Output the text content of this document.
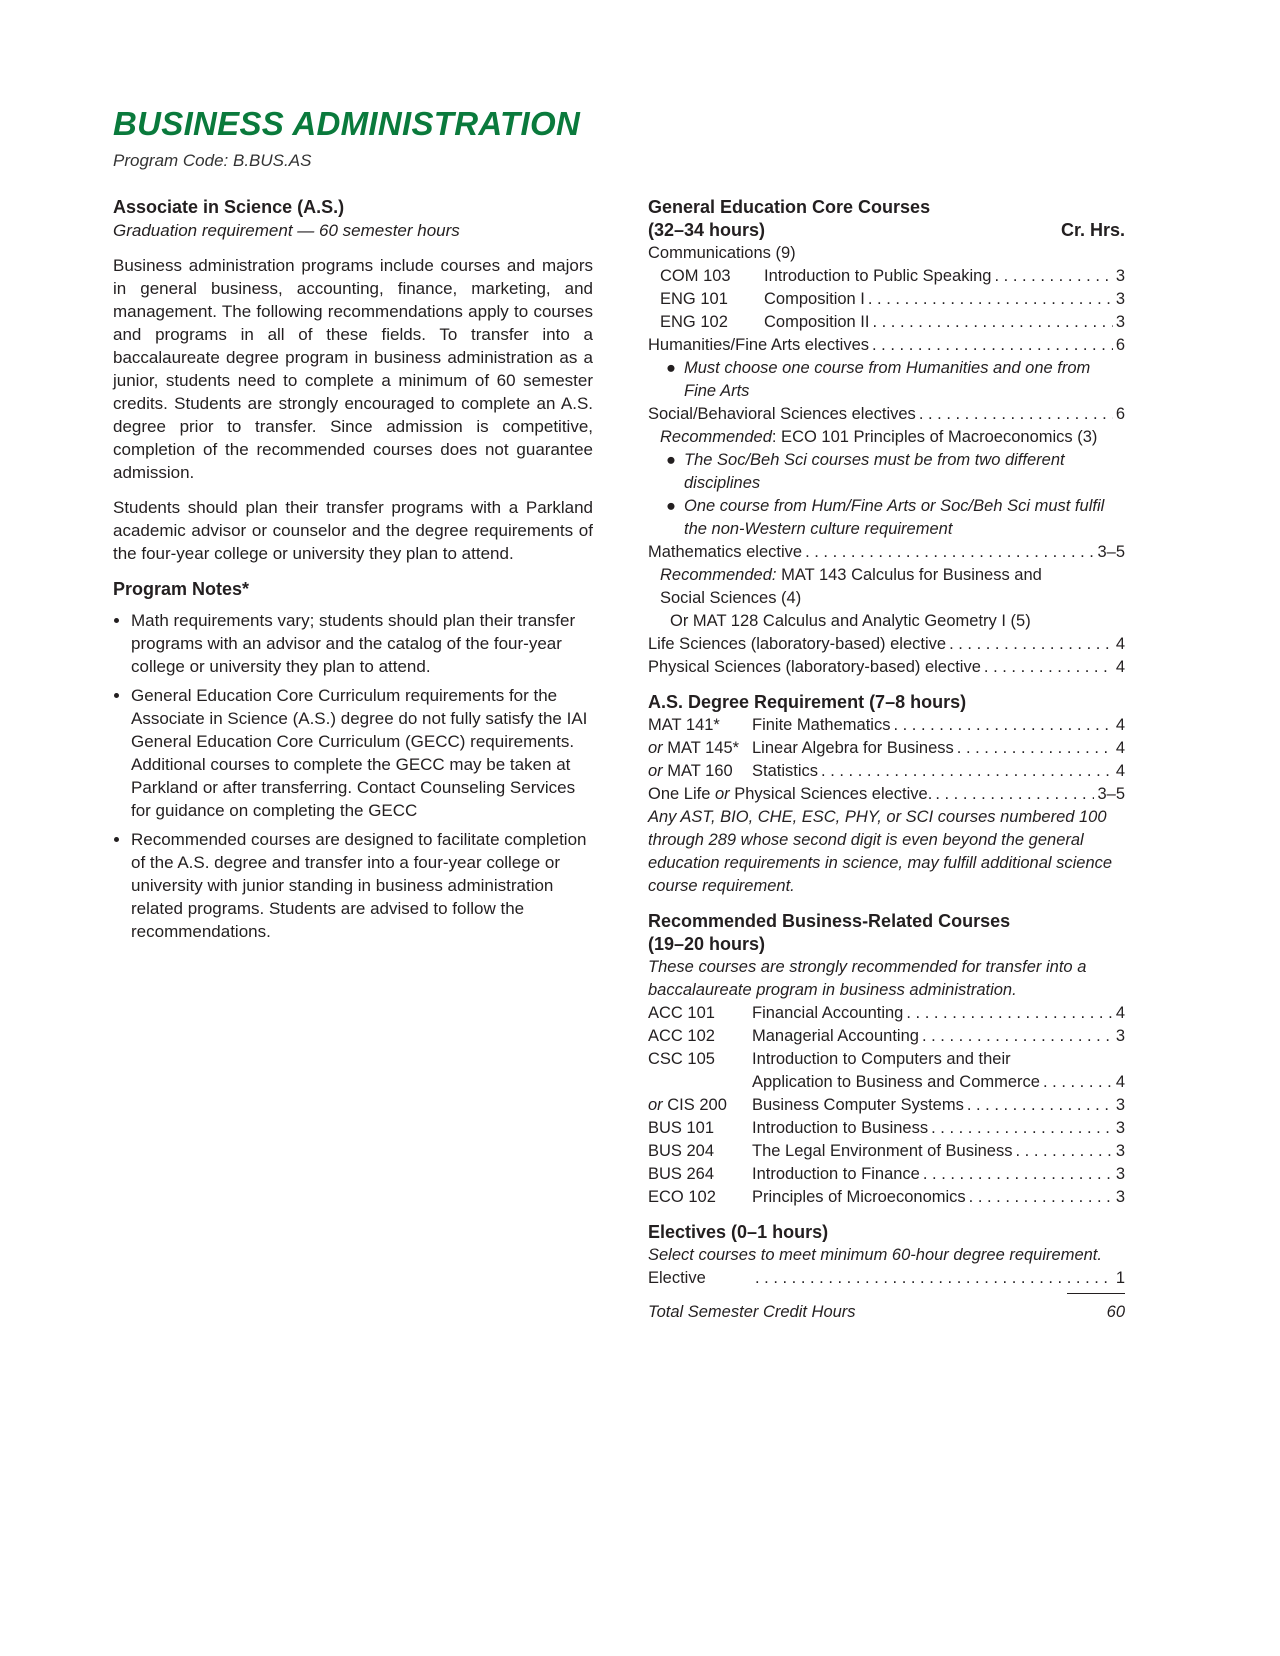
BUSINESS ADMINISTRATION

Program Code: B.BUS.AS

Associate in Science (A.S.)
Graduation requirement — 60 semester hours

Business administration programs include courses and majors in general business, accounting, finance, marketing, and management. The following recommendations apply to courses and programs in all of these fields. To transfer into a baccalaureate degree program in business administration as a junior, students need to complete a minimum of 60 semester credits. Students are strongly encouraged to complete an A.S. degree prior to transfer. Since admission is competitive, completion of the recommended courses does not guarantee admission.

Students should plan their transfer programs with a Parkland academic advisor or counselor and the degree requirements of the four-year college or university they plan to attend.

Program Notes*
• Math requirements vary; students should plan their transfer programs with an advisor and the catalog of the four-year college or university they plan to attend.
• General Education Core Curriculum requirements for the Associate in Science (A.S.) degree do not fully satisfy the IAI General Education Core Curriculum (GECC) requirements. Additional courses to complete the GECC may be taken at Parkland or after transferring. Contact Counseling Services for guidance on completing the GECC
• Recommended courses are designed to facilitate completion of the A.S. degree and transfer into a four-year college or university with junior standing in business administration related programs. Students are advised to follow the recommendations.
General Education Core Courses
(32–34 hours)	Cr. Hrs.
Communications (9)
COM 103	Introduction to Public Speaking . . .	3
ENG 101	Composition I . . .	3
ENG 102	Composition II . . .	3
Humanities/Fine Arts electives . . .	6
● Must choose one course from Humanities and one from Fine Arts
Social/Behavioral Sciences electives . . .	6
Recommended: ECO 101 Principles of Macroeconomics (3)
● The Soc/Beh Sci courses must be from two different disciplines
● One course from Hum/Fine Arts or Soc/Beh Sci must fulfil the non-Western culture requirement
Mathematics elective . . .	3–5
Recommended: MAT 143 Calculus for Business and
Social Sciences (4)
Or MAT 128 Calculus and Analytic Geometry I (5)
Life Sciences (laboratory-based) elective . . .	4
Physical Sciences (laboratory-based) elective . . .	4
A.S. Degree Requirement (7–8 hours)
MAT 141*	Finite Mathematics . . .	4
or MAT 145* Linear Algebra for Business . . .	4
or MAT 160	Statistics . . .	4
One Life or Physical Sciences elective. . . .	3–5
Any AST, BIO, CHE, ESC, PHY, or SCI courses numbered 100 through 289 whose second digit is even beyond the general education requirements in science, may fulfill additional science course requirement.
Recommended Business-Related Courses
(19–20 hours)
These courses are strongly recommended for transfer into a baccalaureate program in business administration.
ACC 101	Financial Accounting . . .	4
ACC 102	Managerial Accounting . . .	3
CSC 105	Introduction to Computers and their
Application to Business and Commerce . . .	4
or CIS 200	Business Computer Systems . . .	3
BUS 101	Introduction to Business . . .	3
BUS 204	The Legal Environment of Business . . .	3
BUS 264	Introduction to Finance . . .	3
ECO 102	Principles of Microeconomics . . .	3
Electives (0–1 hours)
Select courses to meet minimum 60-hour degree requirement.
Elective . . .	1
Total Semester Credit Hours	60
